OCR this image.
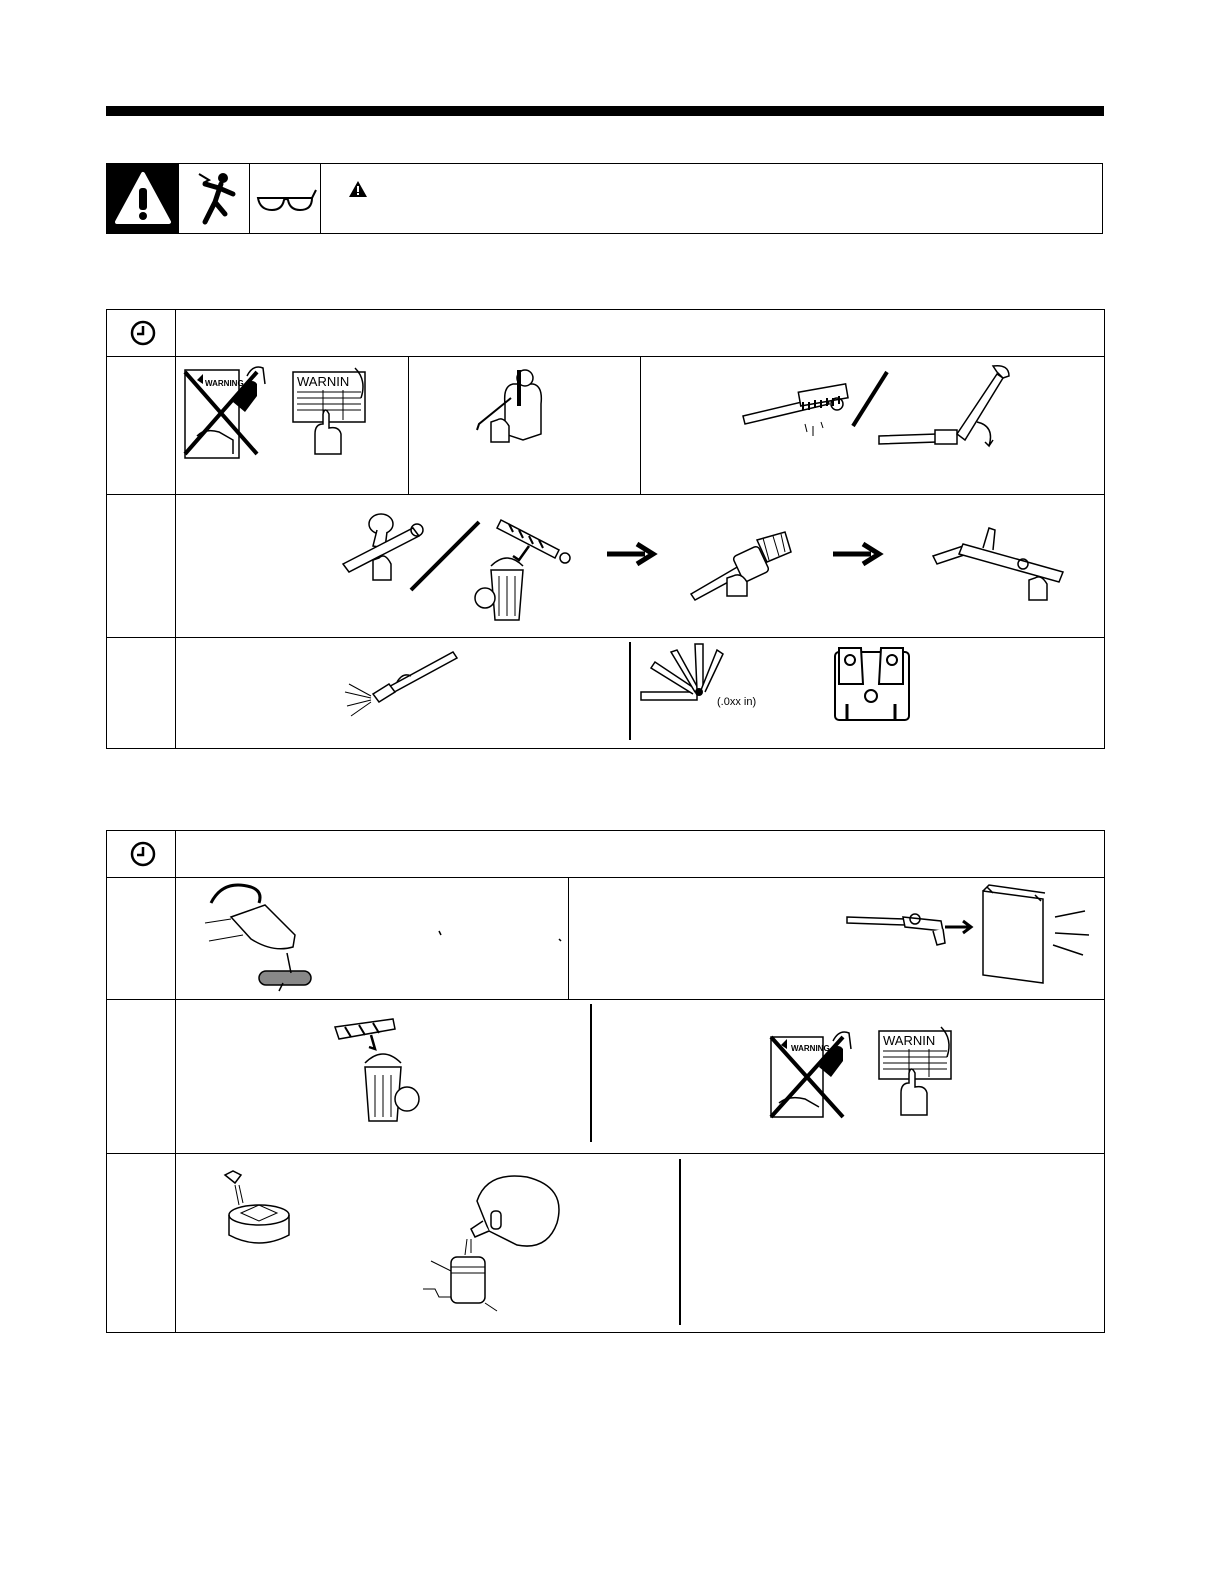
WARNING	WARNIN
(.0xx in)
WARNING
WARNIN
